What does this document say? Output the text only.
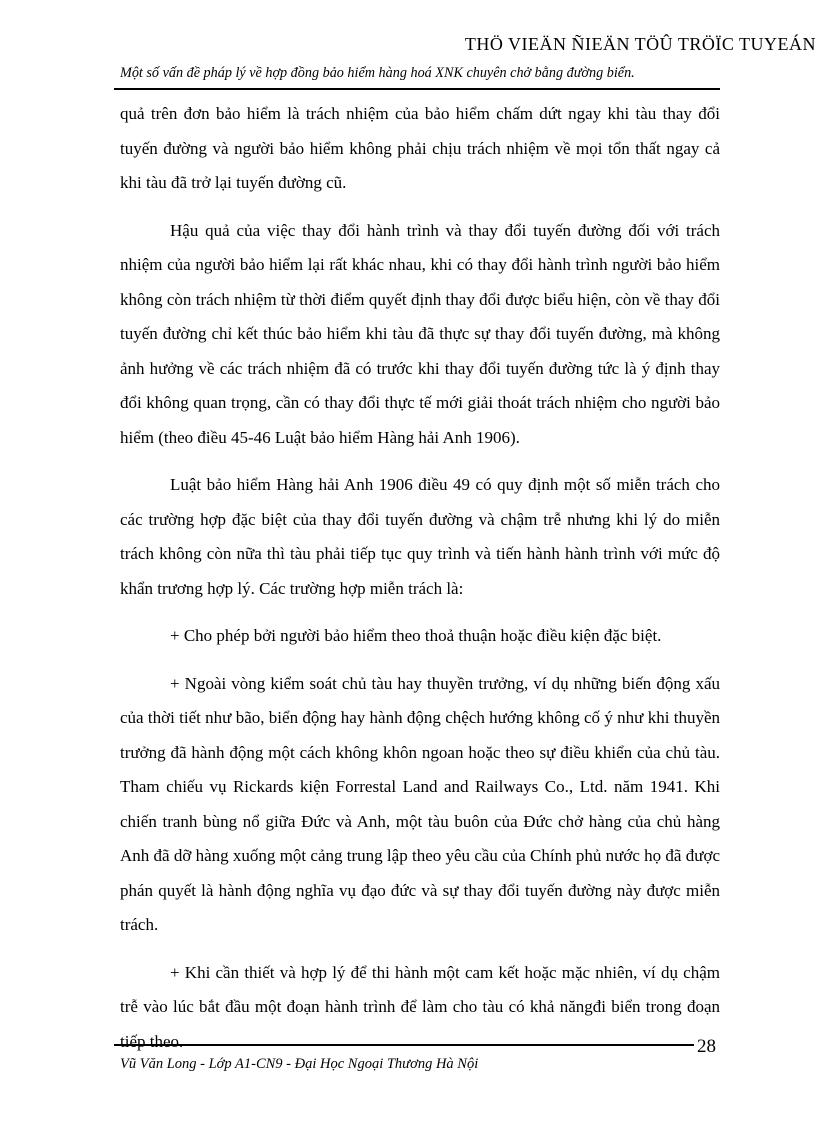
THÖ VIEÄN ÑIEÄN TÖÛ TRÖÏC TUYEÁN
Một số vấn đề pháp lý về hợp đồng bảo hiểm hàng hoá XNK chuyên chở bằng đường biển.

quả trên đơn bảo hiểm là trách nhiệm của bảo hiểm chấm dứt ngay khi tàu thay đổi tuyến đường và người bảo hiểm không phải chịu trách nhiệm về mọi tổn thất ngay cả khi tàu đã trở lại tuyến đường cũ.

Hậu quả của việc thay đổi hành trình và thay đổi tuyến đường đối với trách nhiệm của người bảo hiểm lại rất khác nhau, khi có thay đổi hành trình người bảo hiểm không còn trách nhiệm từ thời điểm quyết định thay đổi được biểu hiện, còn về thay đổi tuyến đường chỉ kết thúc bảo hiểm khi tàu đã thực sự thay đổi tuyến đường, mà không ảnh hưởng về các trách nhiệm đã có trước khi thay đổi tuyến đường tức là ý định thay đổi không quan trọng, cần có thay đổi thực tế mới giải thoát trách nhiệm cho người bảo hiểm (theo điều 45-46 Luật bảo hiểm Hàng hải Anh 1906).

Luật bảo hiểm Hàng hải Anh 1906 điều 49 có quy định một số miễn trách cho các trường hợp đặc biệt của thay đổi tuyến đường và chậm trễ nhưng khi lý do miễn trách không còn nữa thì tàu phải tiếp tục quy trình và tiến hành hành trình với mức độ khẩn trương hợp lý. Các trường hợp miễn trách là:

+ Cho phép bởi người bảo hiểm theo thoả thuận hoặc điều kiện đặc biệt.

+ Ngoài vòng kiểm soát chủ tàu hay thuyền trưởng, ví dụ những biến động xấu của thời tiết như bão, biển động hay hành động chệch hướng không cố ý như khi thuyền trưởng đã hành động một cách không khôn ngoan hoặc theo sự điều khiển của chủ tàu. Tham chiếu vụ Rickards kiện Forrestal Land and Railways Co., Ltd. năm 1941. Khi chiến tranh bùng nổ giữa Đức và Anh, một tàu buôn của Đức chở hàng của chủ hàng Anh đã dỡ hàng xuống một cảng trung lập theo yêu cầu của Chính phủ nước họ đã được phán quyết là hành động nghĩa vụ đạo đức và sự thay đổi tuyến đường này được miễn trách.

+ Khi cần thiết và hợp lý để thi hành một cam kết hoặc mặc nhiên, ví dụ chậm trễ vào lúc bắt đầu một đoạn hành trình để làm cho tàu có khả năngđi biển trong đoạn tiếp theo.	28
Vũ Văn Long - Lớp A1-CN9 - Đại Học Ngoại Thương Hà Nội
